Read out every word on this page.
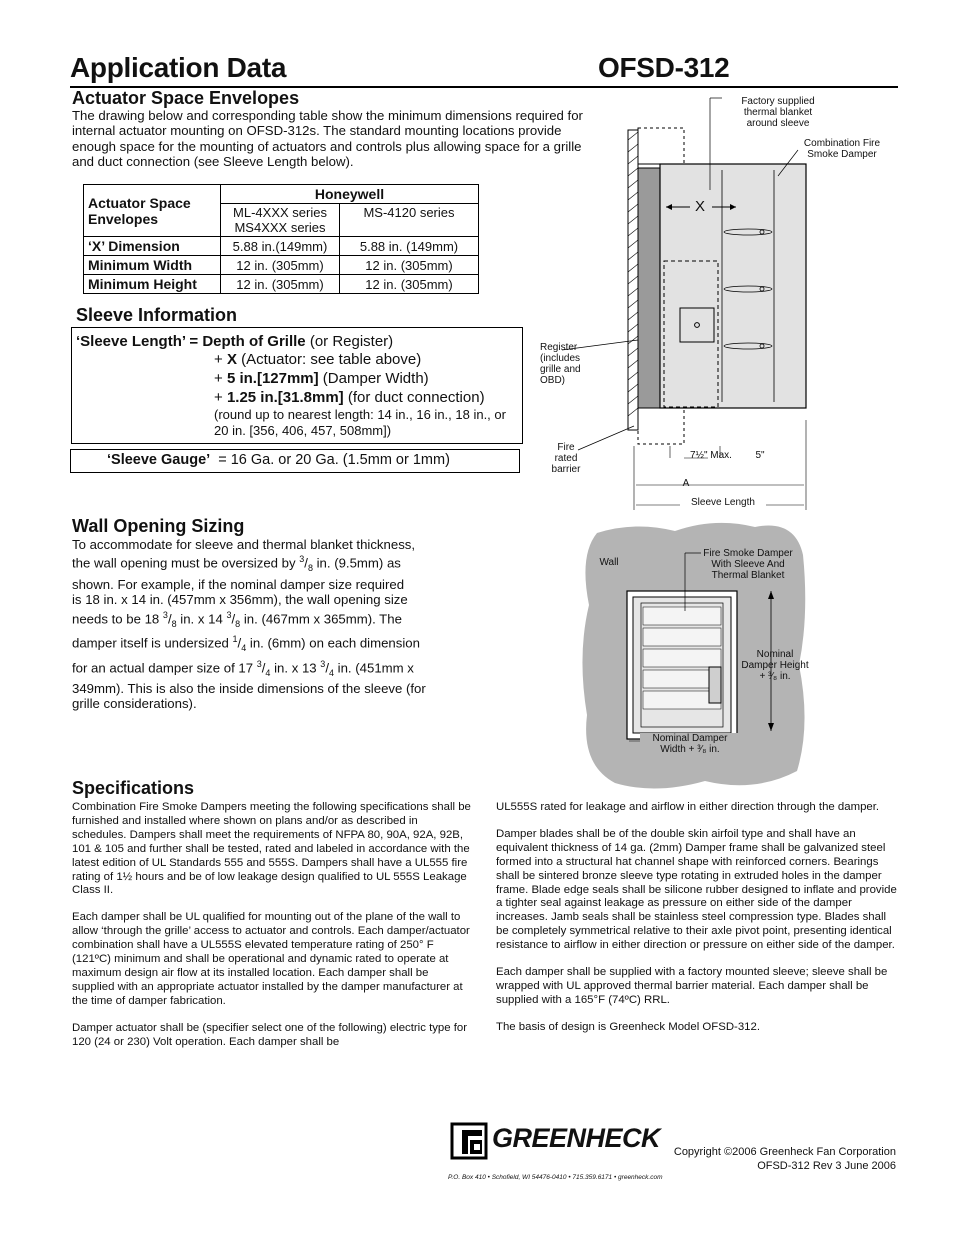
Application Data	OFSD-312
Actuator Space Envelopes
The drawing below and corresponding table show the minimum dimensions required for internal actuator mounting on OFSD-312s. The standard mounting locations provide enough space for the mounting of actuators and controls plus allowing space for a grille and duct connection (see Sleeve Length below).
Actuator Space Envelopes	Honeywell	
	ML-4XXX series MS4XXX series	MS-4120 series
‘X’ Dimension	5.88 in.(149mm)	5.88 in. (149mm)
Minimum Width	12 in. (305mm)	12 in. (305mm)
Minimum Height	12 in. (305mm)	12 in. (305mm)
Sleeve Information
‘Sleeve Length’ = Depth of Grille (or Register)
+ X (Actuator: see table above)
+ 5 in.[127mm] (Damper Width)
+ 1.25 in.[31.8mm] (for duct connection)
(round up to nearest length: 14 in., 16 in., 18 in., or 20 in. [356, 406, 457, 508mm])
‘Sleeve Gauge’ = 16 Ga. or 20 Ga. (1.5mm or 1mm)
Wall Opening Sizing
To accommodate for sleeve and thermal blanket thickness,
the wall opening must be oversized by $^3/_8$ in. (9.5mm) as
shown. For example, if the nominal damper size required
is 18 in. x 14 in. (457mm x 356mm), the wall opening size
needs to be 18 $^3/_8$ in. x 14 $^3/_8$ in. (467mm x 365mm). The
damper itself is undersized $^1/_4$ in. (6mm) on each dimension
for an actual damper size of 17 $^3/_4$ in. x 13 $^3/_4$ in. (451mm x
349mm). This is also the inside dimensions of the sleeve (for
grille considerations).
Factory supplied thermal blanket around sleeve
Combination Fire Smoke Damper
X
Register (includes grille and OBD)
Fire rated barrier
7½" Max.	5"
A
Sleeve Length
Wall
Fire Smoke Damper With Sleeve And Thermal Blanket
Nominal Damper Height + ³⁄₈ in.
Nominal Damper Width + ³⁄₈ in.
Specifications
Combination Fire Smoke Dampers meeting the following specifications shall be furnished and installed where shown on plans and/or as described in schedules. Dampers shall meet the requirements of NFPA 80, 90A, 92A, 92B, 101 & 105 and further shall be tested, rated and labeled in accordance with the latest edition of UL Standards 555 and 555S. Dampers shall have a UL555 fire rating of 1½ hours and be of low leakage design qualified to UL 555S Leakage Class II.
Each damper shall be UL qualified for mounting out of the plane of the wall to allow ‘through the grille’ access to actuator and controls. Each damper/actuator combination shall have a UL555S elevated temperature rating of 250° F (121ºC) minimum and shall be operational and dynamic rated to operate at maximum design air flow at its installed location. Each damper shall be supplied with an appropriate actuator installed by the damper manufacturer at the time of damper fabrication.
Damper actuator shall be (specifier select one of the following) electric type for 120 (24 or 230) Volt operation. Each damper shall be
UL555S rated for leakage and airflow in either direction through the damper.
Damper blades shall be of the double skin airfoil type and shall have an equivalent thickness of 14 ga. (2mm) Damper frame shall be galvanized steel formed into a structural hat channel shape with reinforced corners. Bearings shall be sintered bronze sleeve type rotating in extruded holes in the damper frame. Blade edge seals shall be silicone rubber designed to inflate and provide a tighter seal against leakage as pressure on either side of the damper increases. Jamb seals shall be stainless steel compression type. Blades shall be completely symmetrical relative to their axle pivot point, presenting identical resistance to airflow in either direction or pressure on either side of the damper.
Each damper shall be supplied with a factory mounted sleeve; sleeve shall be wrapped with UL approved thermal barrier material. Each damper shall be supplied with a 165°F (74ºC) RRL.
The basis of design is Greenheck Model OFSD-312.
GREENHECK
P.O. Box 410 • Schofield, WI 54476-0410 • 715.359.6171 • greenheck.com
Copyright ©2006 Greenheck Fan Corporation
OFSD-312 Rev 3 June 2006
